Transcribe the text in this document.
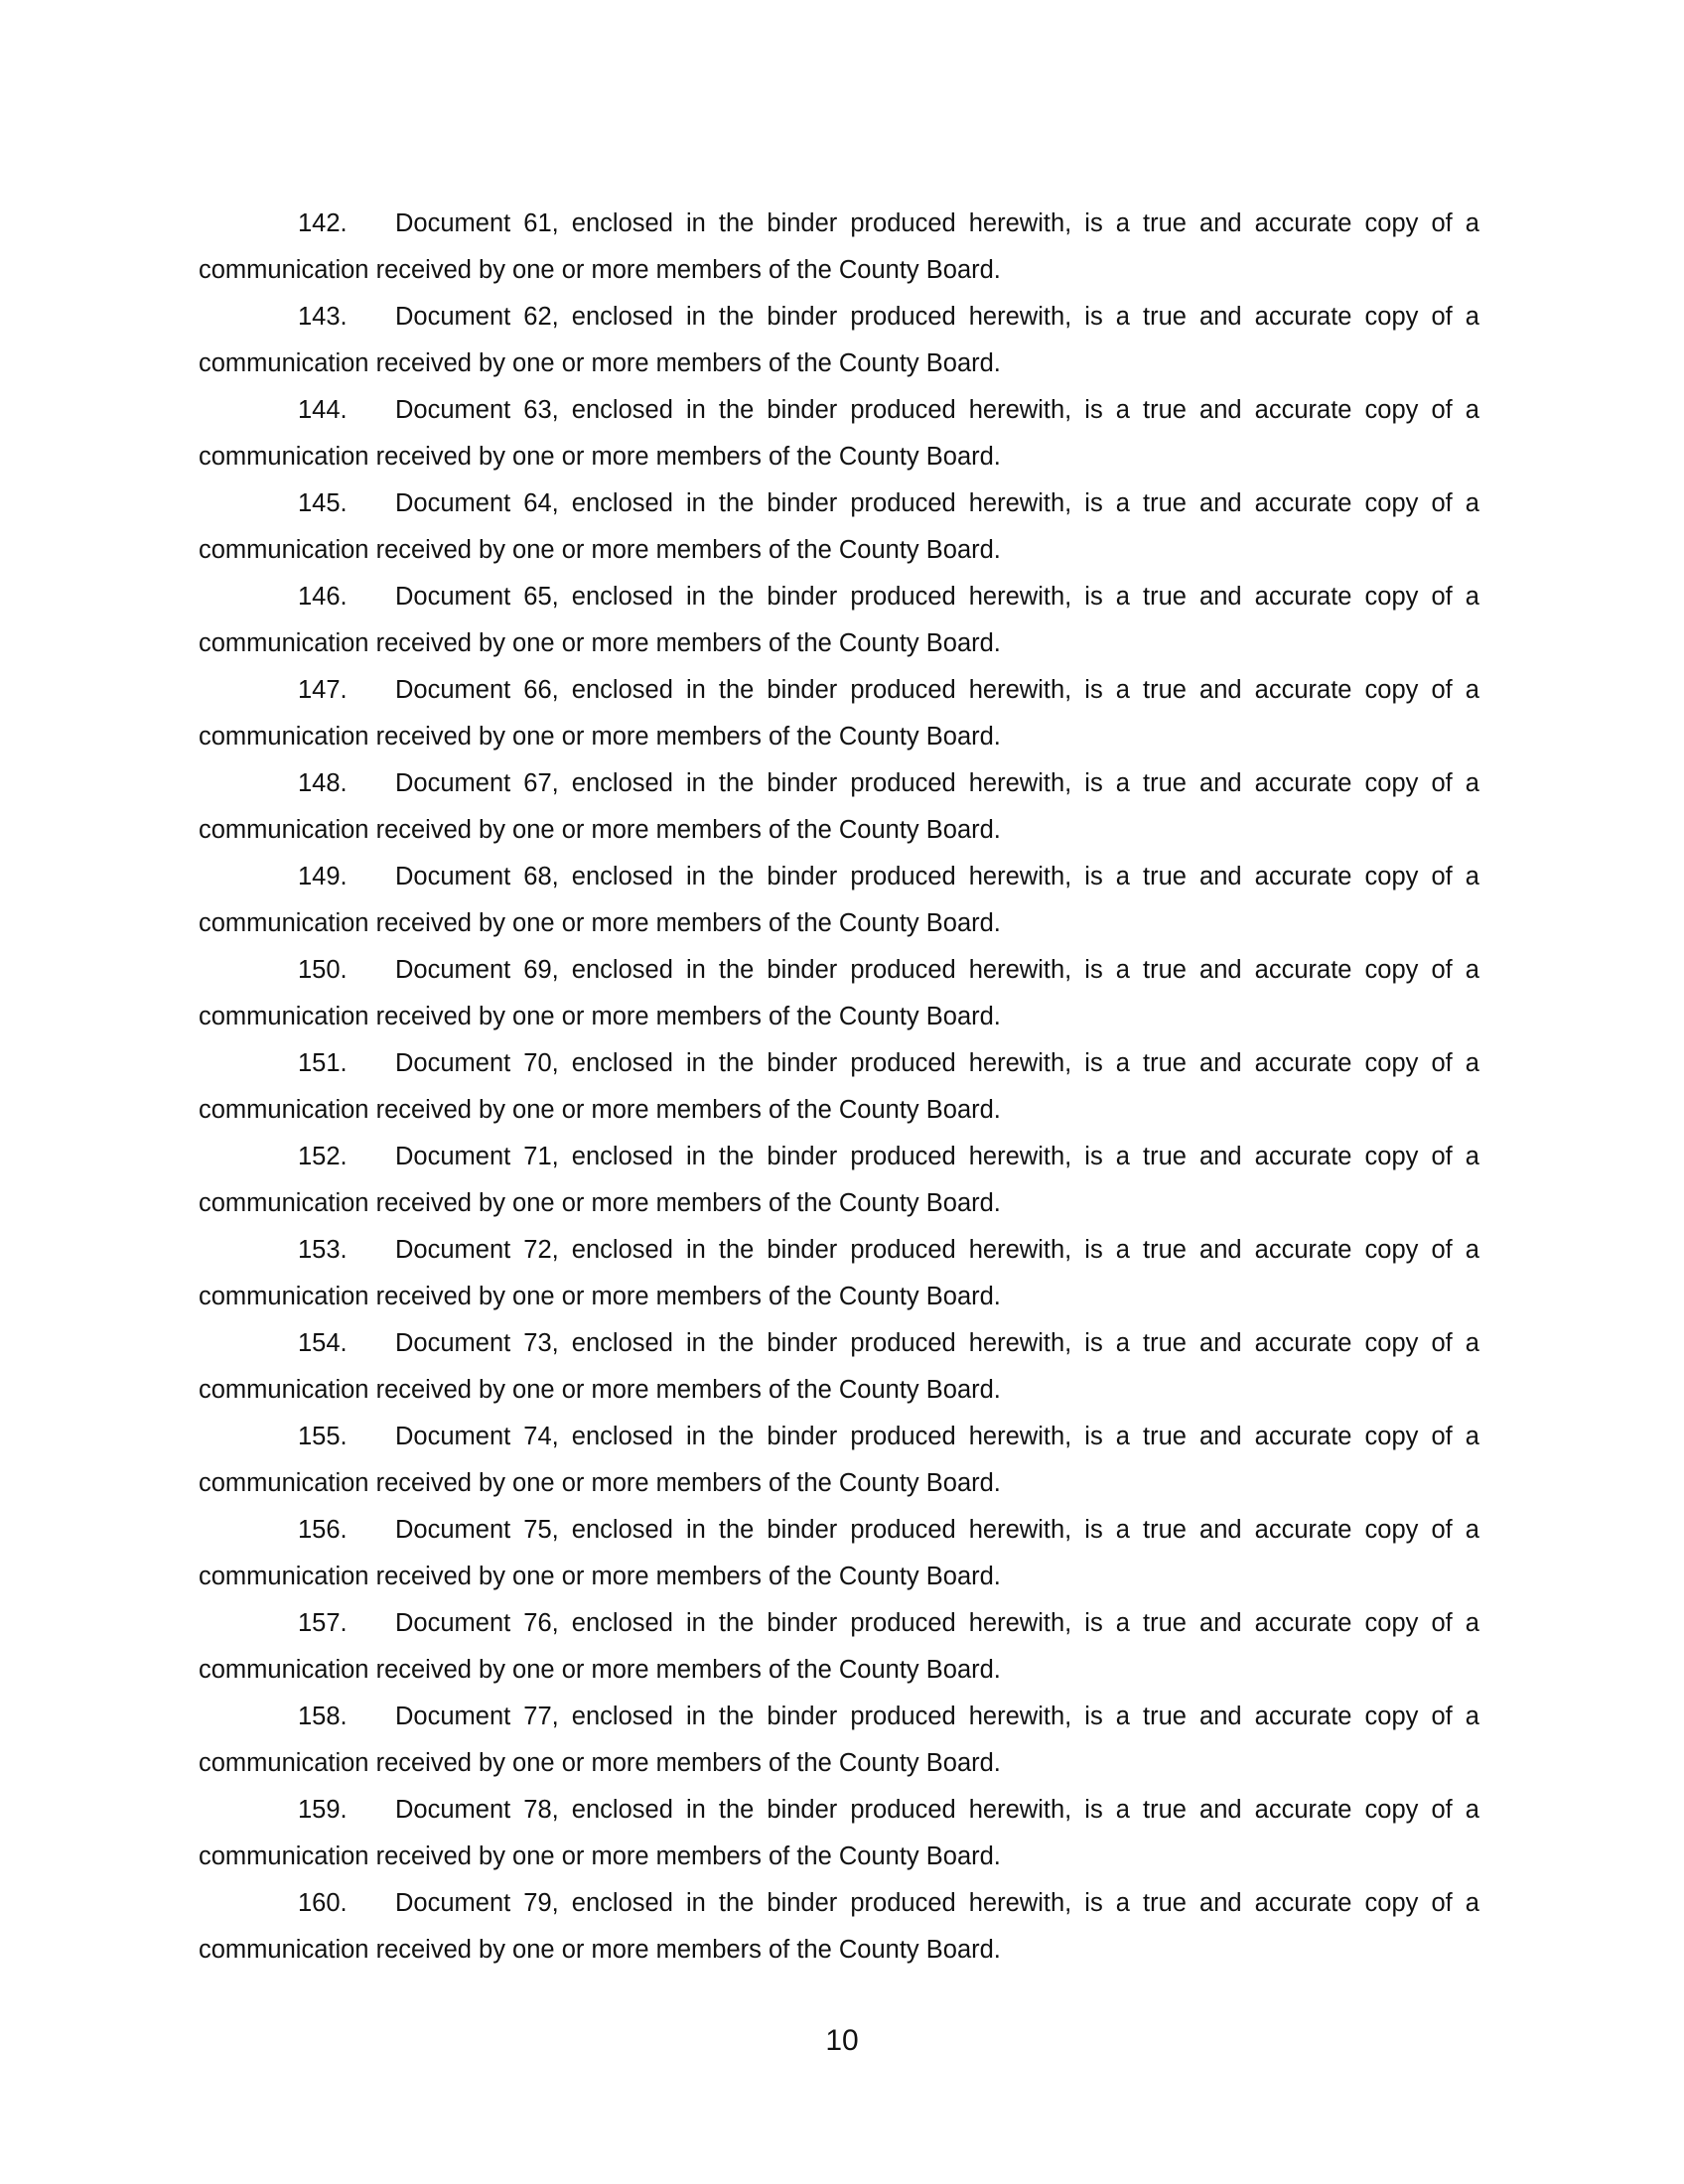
142.	Document 61, enclosed in the binder produced herewith, is a true and accurate copy of a
communication received by one or more members of the County Board.
143.	Document 62, enclosed in the binder produced herewith, is a true and accurate copy of a
communication received by one or more members of the County Board.
144.	Document 63, enclosed in the binder produced herewith, is a true and accurate copy of a
communication received by one or more members of the County Board.
145.	Document 64, enclosed in the binder produced herewith, is a true and accurate copy of a
communication received by one or more members of the County Board.
146.	Document 65, enclosed in the binder produced herewith, is a true and accurate copy of a
communication received by one or more members of the County Board.
147.	Document 66, enclosed in the binder produced herewith, is a true and accurate copy of a
communication received by one or more members of the County Board.
148.	Document 67, enclosed in the binder produced herewith, is a true and accurate copy of a
communication received by one or more members of the County Board.
149.	Document 68, enclosed in the binder produced herewith, is a true and accurate copy of a
communication received by one or more members of the County Board.
150.	Document 69, enclosed in the binder produced herewith, is a true and accurate copy of a
communication received by one or more members of the County Board.
151.	Document 70, enclosed in the binder produced herewith, is a true and accurate copy of a
communication received by one or more members of the County Board.
152.	Document 71, enclosed in the binder produced herewith, is a true and accurate copy of a
communication received by one or more members of the County Board.
153.	Document 72, enclosed in the binder produced herewith, is a true and accurate copy of a
communication received by one or more members of the County Board.
154.	Document 73, enclosed in the binder produced herewith, is a true and accurate copy of a
communication received by one or more members of the County Board.
155.	Document 74, enclosed in the binder produced herewith, is a true and accurate copy of a
communication received by one or more members of the County Board.
156.	Document 75, enclosed in the binder produced herewith, is a true and accurate copy of a
communication received by one or more members of the County Board.
157.	Document 76, enclosed in the binder produced herewith, is a true and accurate copy of a
communication received by one or more members of the County Board.
158.	Document 77, enclosed in the binder produced herewith, is a true and accurate copy of a
communication received by one or more members of the County Board.
159.	Document 78, enclosed in the binder produced herewith, is a true and accurate copy of a
communication received by one or more members of the County Board.
160.	Document 79, enclosed in the binder produced herewith, is a true and accurate copy of a
communication received by one or more members of the County Board.
10
